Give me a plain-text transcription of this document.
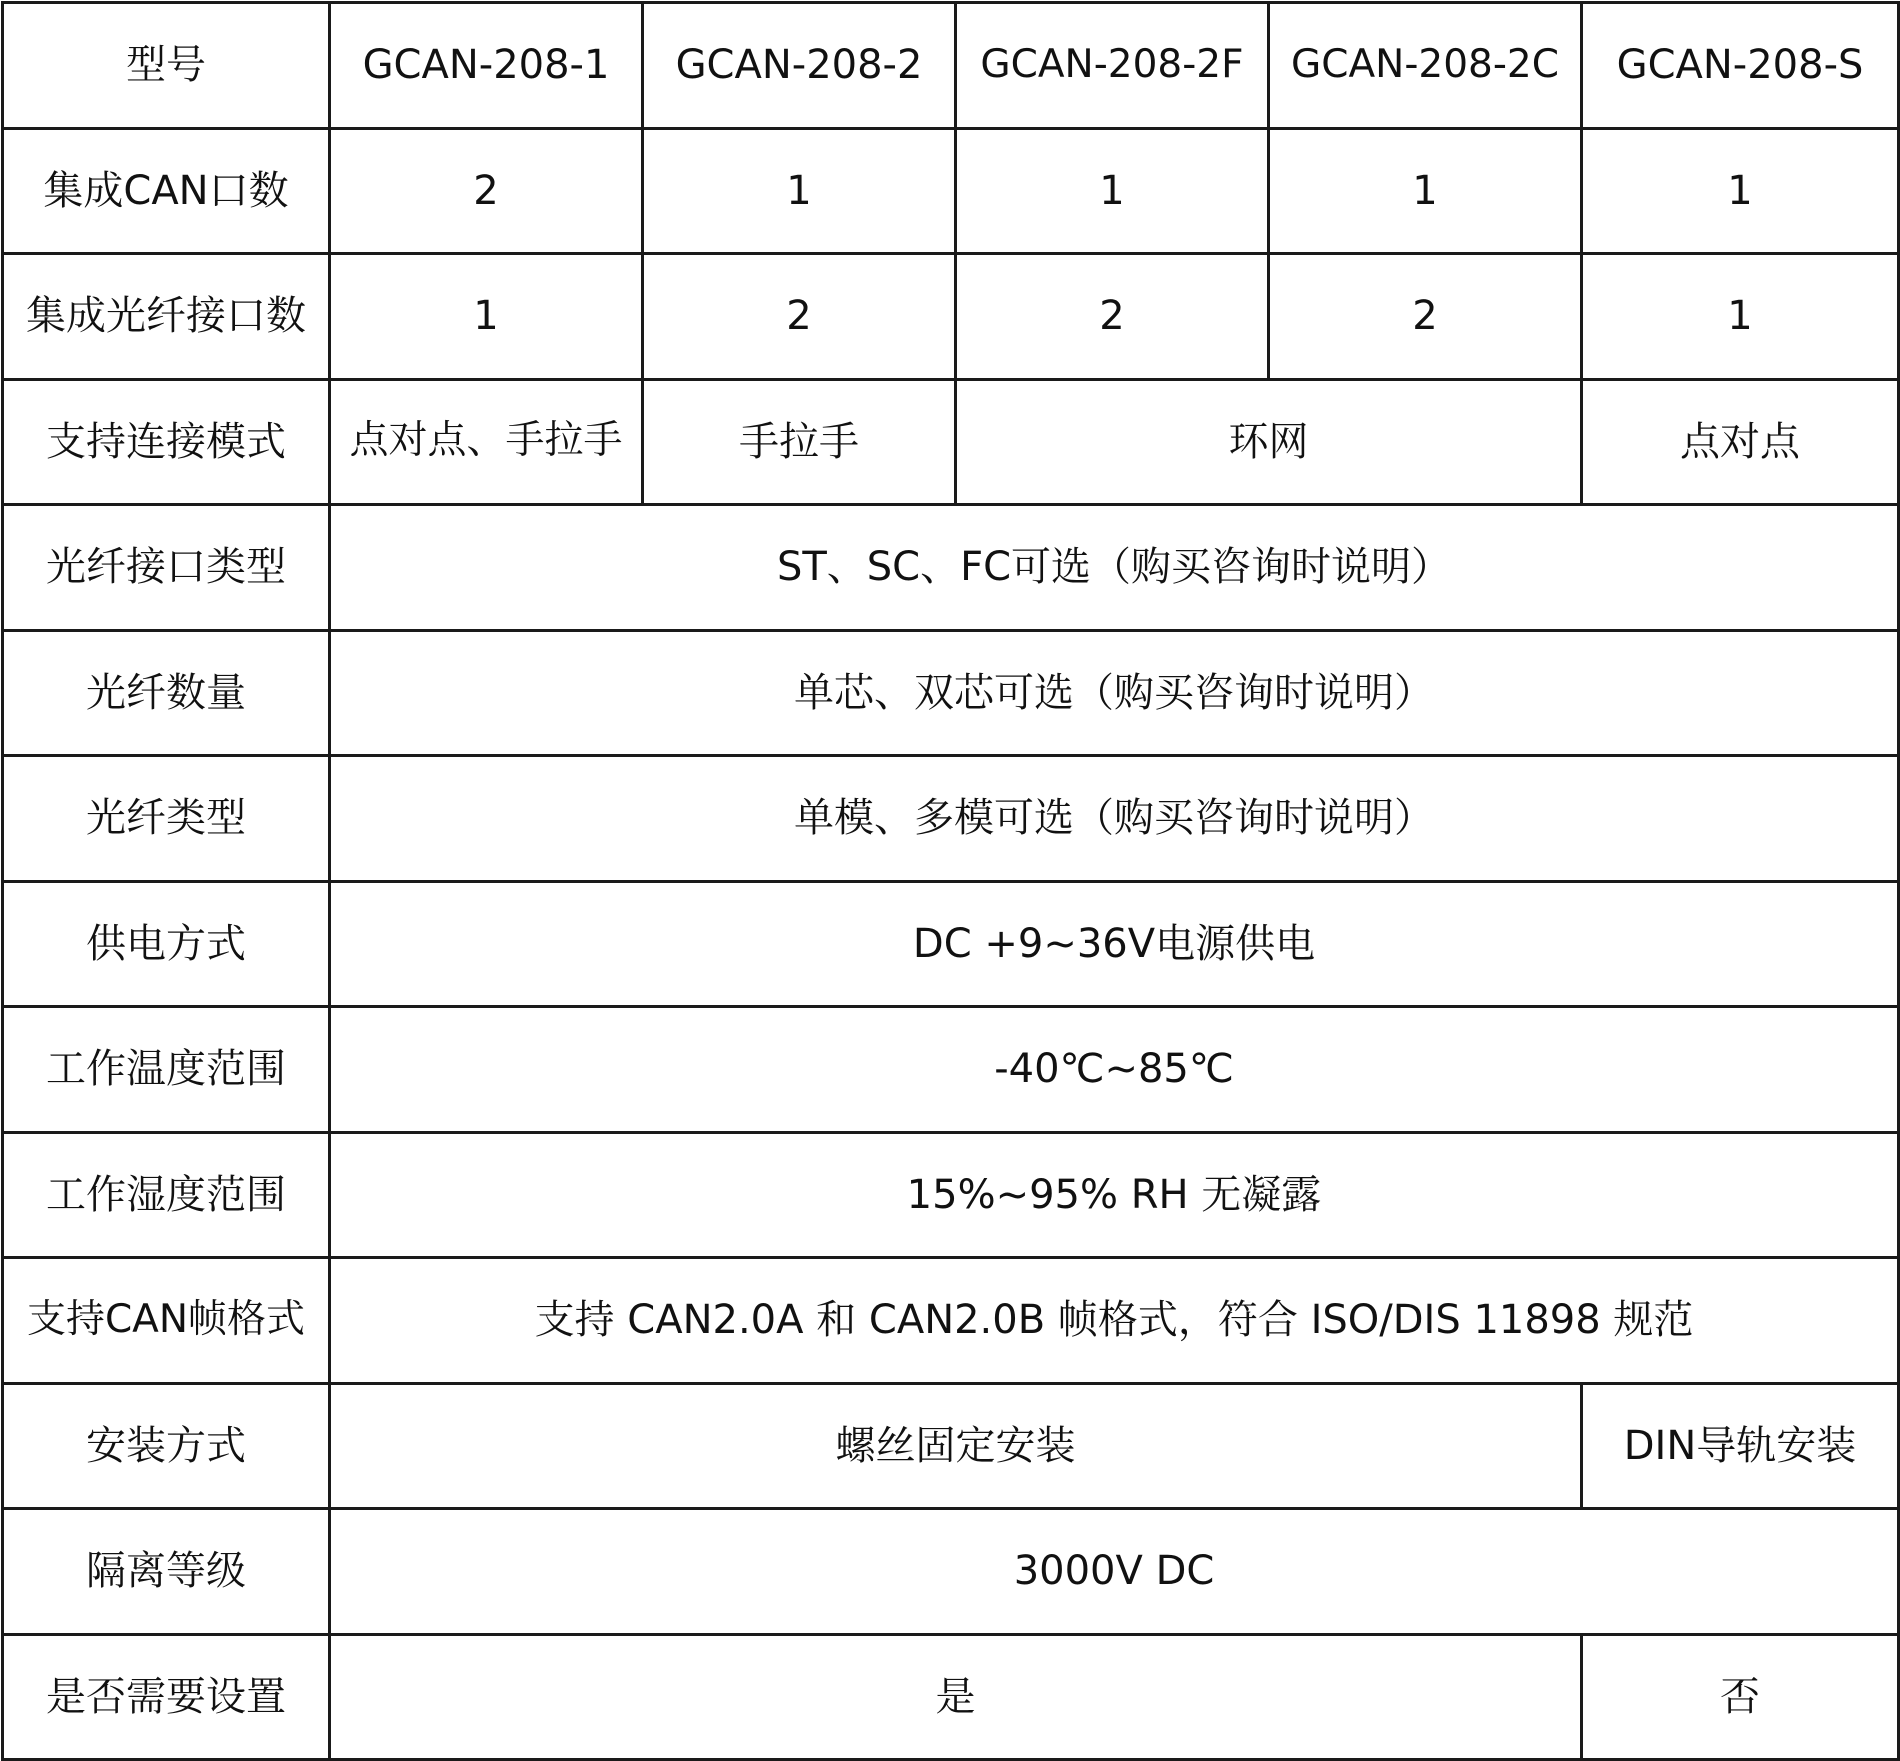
型号	GCAN-208-1	GCAN-208-2	GCAN-208-2F	GCAN-208-2C	GCAN-208-S
集成CAN口数	2	1	1	1	1
集成光纤接口数	1	2	2	2	1
支持连接模式	点对点、手拉手	手拉手	环网		点对点
光纤接口类型	ST、SC、FC可选（购买咨询时说明）				
光纤数量	单芯、双芯可选（购买咨询时说明）				
光纤类型	单模、多模可选（购买咨询时说明）				
供电方式	DC +9~36V电源供电				
工作温度范围	-40℃~85℃				
工作湿度范围	15%~95% RH 无凝露				
支持CAN帧格式	支持 CAN2.0A 和 CAN2.0B 帧格式，符合 ISO/DIS 11898 规范				
安装方式	螺丝固定安装				DIN导轨安装
隔离等级	3000V DC				
是否需要设置	是				否
